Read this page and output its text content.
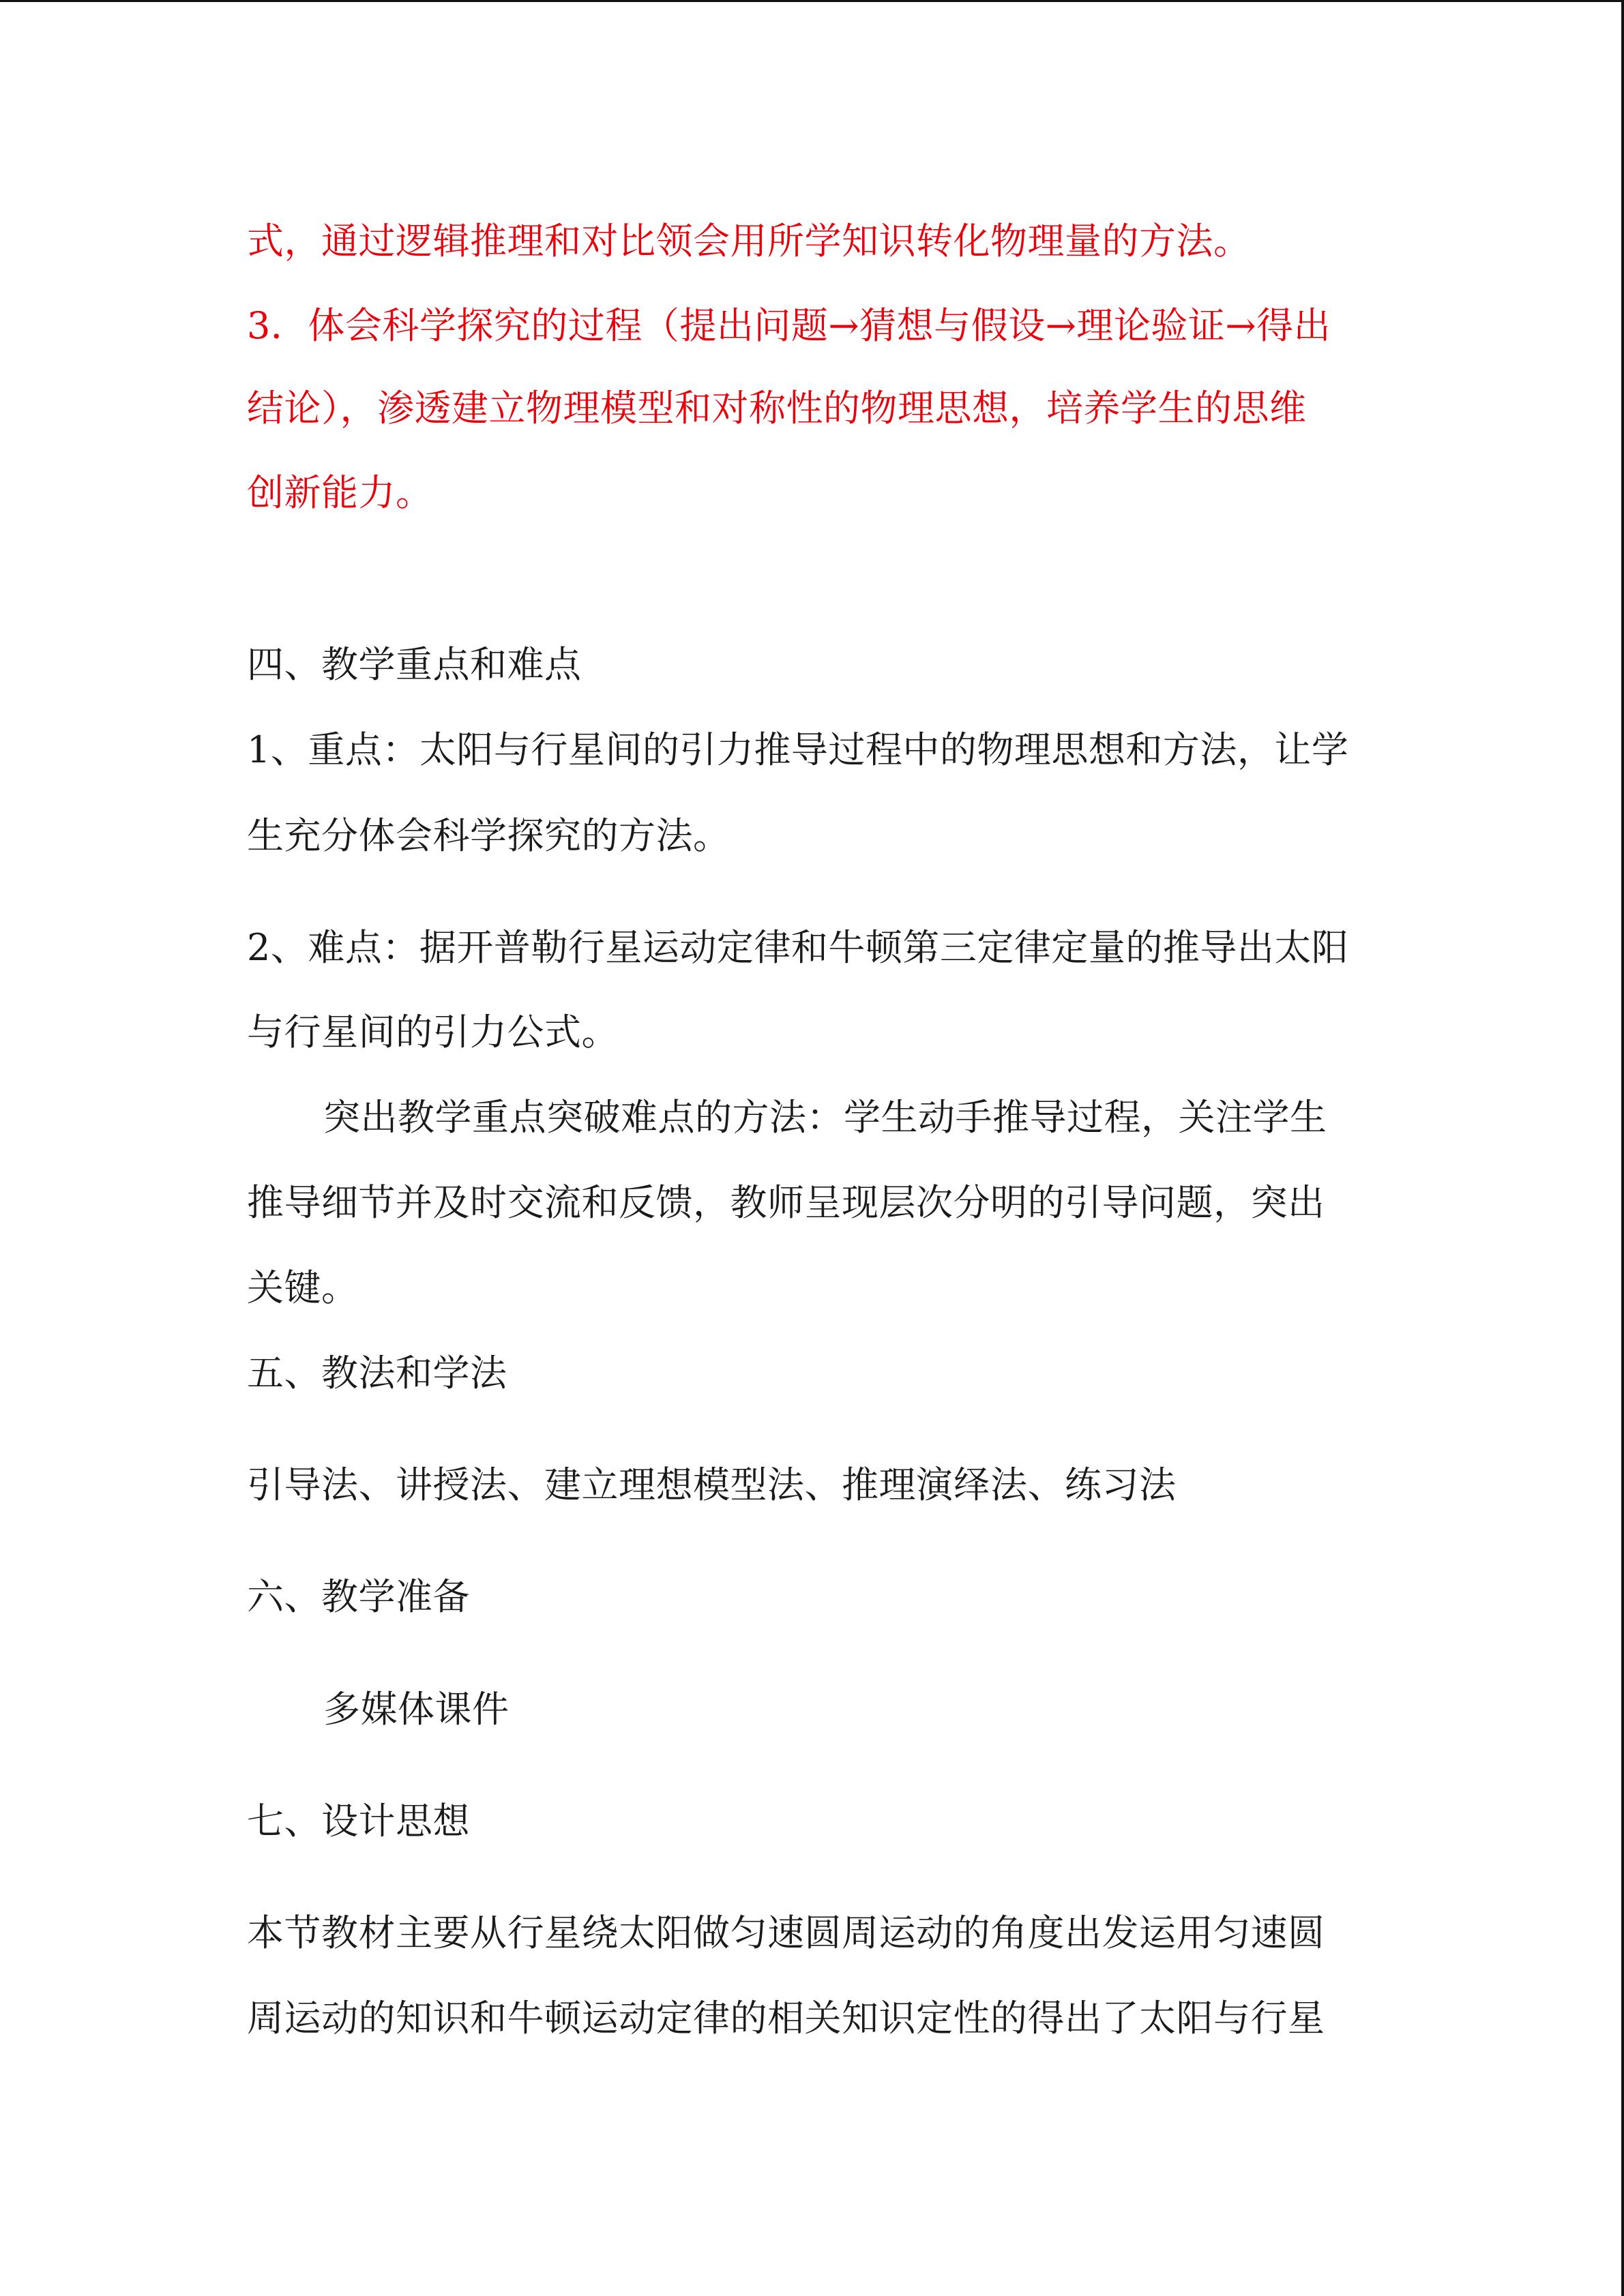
式，通过逻辑推理和对比领会用所学知识转化物理量的方法。
3．体会科学探究的过程（提出问题→猜想与假设→理论验证→得出
结论），渗透建立物理模型和对称性的物理思想，培养学生的思维
创新能力。
四、教学重点和难点
1、重点：太阳与行星间的引力推导过程中的物理思想和方法，让学
生充分体会科学探究的方法。
2、难点：据开普勒行星运动定律和牛顿第三定律定量的推导出太阳
与行星间的引力公式。
突出教学重点突破难点的方法：学生动手推导过程，关注学生
推导细节并及时交流和反馈，教师呈现层次分明的引导问题，突出
关键。
五、教法和学法
引导法、讲授法、建立理想模型法、推理演绎法、练习法
六、教学准备
多媒体课件
七、设计思想
本节教材主要从行星绕太阳做匀速圆周运动的角度出发运用匀速圆
周运动的知识和牛顿运动定律的相关知识定性的得出了太阳与行星
